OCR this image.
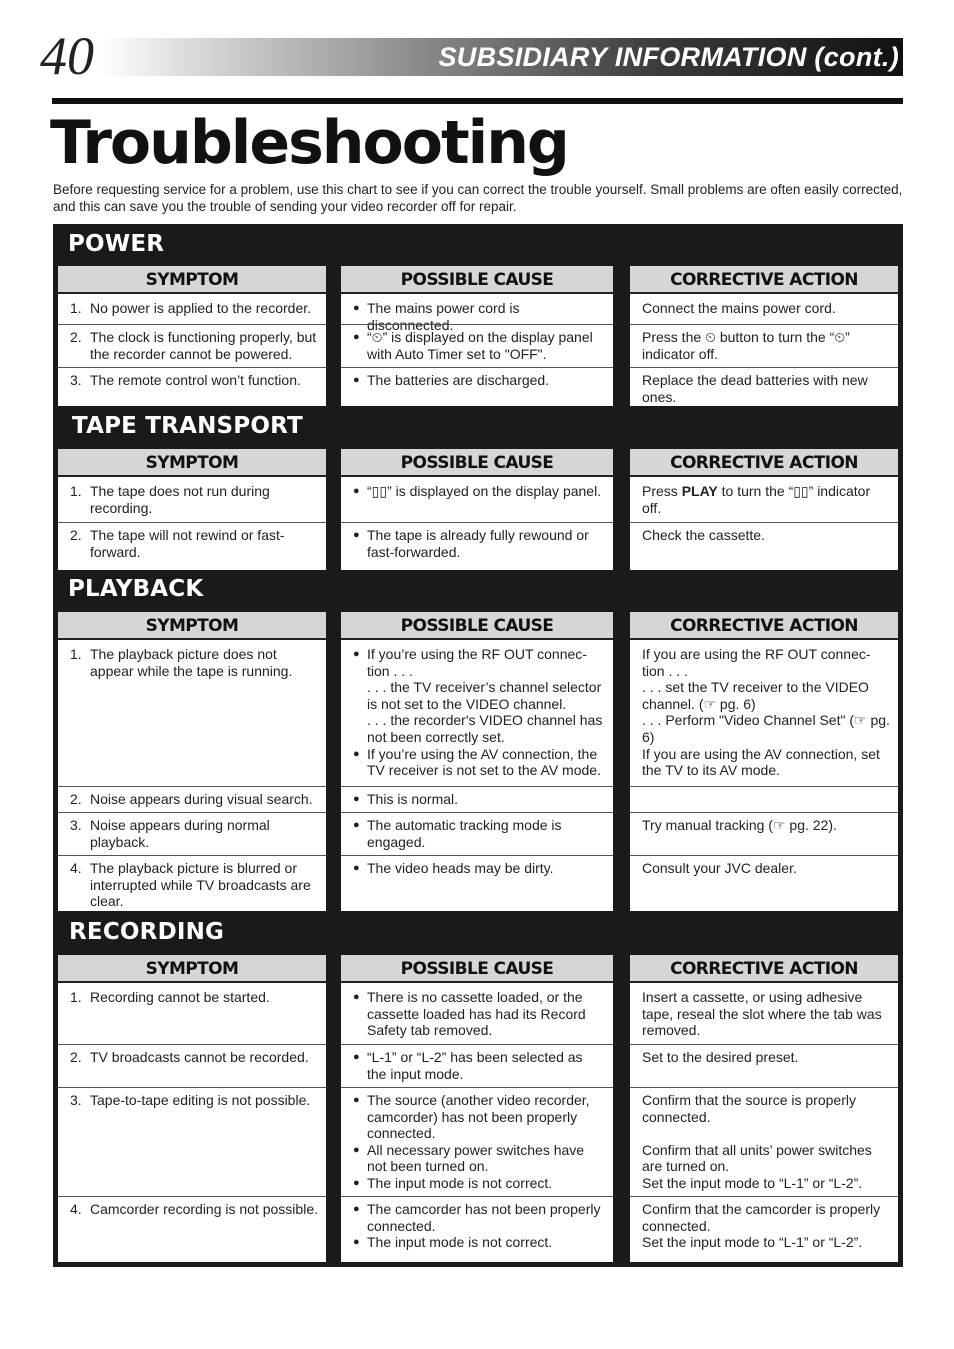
40	SUBSIDIARY INFORMATION (cont.)
Troubleshooting

Before requesting service for a problem, use this chart to see if you can correct the trouble yourself. Small problems are often easily corrected, and this can save you the trouble of sending your video recorder off for repair.

POWER
SYMPTOM
1. No power is applied to the recorder.
2. The clock is functioning properly, but the recorder cannot be powered.
3. The remote control won’t function.
POSSIBLE CAUSE
● The mains power cord is disconnected.
● “⏲” is displayed on the display panel with Auto Timer set to "OFF".
● The batteries are discharged.
CORRECTIVE ACTION
Connect the mains power cord.
Press the ⏲ button to turn the “⏲” indicator off.
Replace the dead batteries with new ones.
TAPE TRANSPORT
SYMPTOM
1. The tape does not run during recording.
2. The tape will not rewind or fast-forward.
POSSIBLE CAUSE
● “▯▯” is displayed on the display panel.
● The tape is already fully rewound or fast-forwarded.
CORRECTIVE ACTION
Press PLAY to turn the “▯▯” indicator off.
Check the cassette.
PLAYBACK
SYMPTOM
1. The playback picture does not appear while the tape is running.
2. Noise appears during visual search.
3. Noise appears during normal playback.
4. The playback picture is blurred or interrupted while TV broadcasts are clear.
POSSIBLE CAUSE
● If you’re using the RF OUT connec-tion . . .
. . . the TV receiver’s channel selector is not set to the VIDEO channel.
. . . the recorder's VIDEO channel has not been correctly set.
● If you’re using the AV connection, the TV receiver is not set to the AV mode.
● This is normal.
● The automatic tracking mode is engaged.
● The video heads may be dirty.
CORRECTIVE ACTION
If you are using the RF OUT connec-tion . . .
. . . set the TV receiver to the VIDEO channel. (☞ pg. 6)
. . . Perform "Video Channel Set" (☞ pg. 6)
If you are using the AV connection, set the TV to its AV mode.
Try manual tracking (☞ pg. 22).
Consult your JVC dealer.
RECORDING
SYMPTOM
1. Recording cannot be started.
2. TV broadcasts cannot be recorded.
3. Tape-to-tape editing is not possible.
4. Camcorder recording is not possible.
POSSIBLE CAUSE
● There is no cassette loaded, or the cassette loaded has had its Record Safety tab removed.
● “L-1” or “L-2” has been selected as the input mode.
● The source (another video recorder, camcorder) has not been properly connected.
● All necessary power switches have not been turned on.
● The input mode is not correct.
● The camcorder has not been properly connected.
● The input mode is not correct.
CORRECTIVE ACTION
Insert a cassette, or using adhesive tape, reseal the slot where the tab was removed.
Set to the desired preset.
Confirm that the source is properly connected.

Confirm that all units’ power switches are turned on.
Set the input mode to “L-1” or “L-2”.
Confirm that the camcorder is properly connected.
Set the input mode to “L-1” or “L-2”.
